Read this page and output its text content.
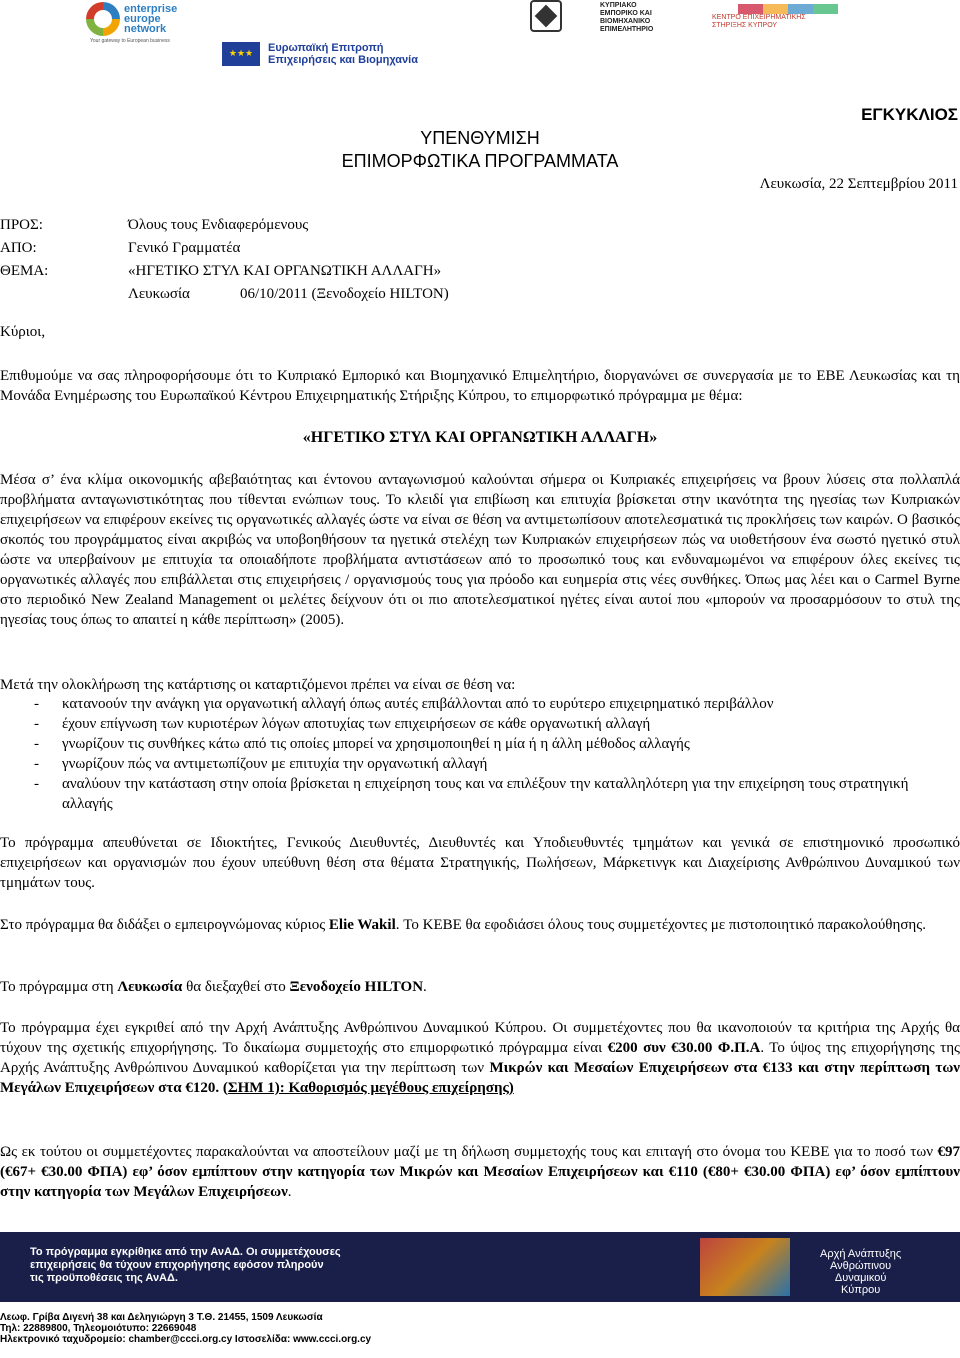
enterprise
europe
network
Your gateway to European business
★★★	Ευρωπαϊκή Επιτροπή
Επιχειρήσεις και Βιομηχανία
ΚΥΠΡΙΑΚΟ
ΕΜΠΟΡΙΚΟ ΚΑΙ
ΒΙΟΜΗΧΑΝΙΚΟ
ΕΠΙΜΕΛΗΤΗΡΙΟ
ΚΕΝΤΡΟ ΕΠΙΧΕΙΡΗΜΑΤΙΚΗΣ
ΣΤΗΡΙΞΗΣ ΚΥΠΡΟΥ
ΕΓΚΥΚΛΙΟΣ
ΥΠΕΝΘΥΜΙΣΗ
ΕΠΙΜΟΡΦΩΤΙΚΑ ΠΡΟΓΡΑΜΜΑΤΑ
Λευκωσία, 22 Σεπτεμβρίου 2011
ΠΡΟΣ:	Όλους τους Ενδιαφερόμενους
ΑΠΟ:	Γενικό Γραμματέα
ΘΕΜΑ:	«ΗΓΕΤΙΚΟ ΣΤΥΛ ΚΑΙ ΟΡΓΑΝΩΤΙΚΗ ΑΛΛΑΓΗ»
Λευκωσία	06/10/2011 (Ξενοδοχείο HILTON)
Κύριοι,

Επιθυμούμε να σας πληροφορήσουμε ότι το Κυπριακό Εμπορικό και Βιομηχανικό Επιμελητήριο, διοργανώνει σε συνεργασία με το ΕΒΕ Λευκωσίας και τη Μονάδα Ενημέρωσης του Ευρωπαϊκού Κέντρου Επιχειρηματικής Στήριξης Κύπρου, το επιμορφωτικό πρόγραμμα με θέμα:

«ΗΓΕΤΙΚΟ ΣΤΥΛ ΚΑΙ ΟΡΓΑΝΩΤΙΚΗ ΑΛΛΑΓΗ»

Μέσα σ’ ένα κλίμα οικονομικής αβεβαιότητας και έντονου ανταγωνισμού καλούνται σήμερα οι Κυπριακές επιχειρήσεις να βρουν λύσεις στα πολλαπλά προβλήματα ανταγωνιστικότητας που τίθενται ενώπιων τους. Το κλειδί για επιβίωση και επιτυχία βρίσκεται στην ικανότητα της ηγεσίας των Κυπριακών επιχειρήσεων να επιφέρουν εκείνες τις οργανωτικές αλλαγές ώστε να είναι σε θέση να αντιμετωπίσουν αποτελεσματικά τις προκλήσεις των καιρών. Ο βασικός σκοπός του προγράμματος είναι ακριβώς να υποβοηθήσουν τα ηγετικά στελέχη των Κυπριακών επιχειρήσεων πώς να υιοθετήσουν ένα σωστό ηγετικό στυλ ώστε να υπερβαίνουν με επιτυχία τα οποιαδήποτε προβλήματα αντιστάσεων από το προσωπικό τους και ενδυναμωμένοι να επιφέρουν όλες εκείνες τις οργανωτικές αλλαγές που επιβάλλεται στις επιχειρήσεις / οργανισμούς τους για πρόοδο και ευημερία στις νέες συνθήκες. Όπως μας λέει και ο Carmel Byrne στο περιοδικό New Zealand Management οι μελέτες δείχνουν ότι οι πιο αποτελεσματικοί ηγέτες είναι αυτοί που «μπορούν να προσαρμόσουν το στυλ της ηγεσίας τους όπως το απαιτεί η κάθε περίπτωση» (2005).

Μετά την ολοκλήρωση της κατάρτισης οι καταρτιζόμενοι πρέπει να είναι σε θέση να:
- κατανοούν την ανάγκη για οργανωτική αλλαγή όπως αυτές επιβάλλονται από το ευρύτερο επιχειρηματικό περιβάλλον
- έχουν επίγνωση των κυριοτέρων λόγων αποτυχίας των επιχειρήσεων σε κάθε οργανωτική αλλαγή
- γνωρίζουν τις συνθήκες κάτω από τις οποίες μπορεί να χρησιμοποιηθεί η μία ή η άλλη μέθοδος αλλαγής
- γνωρίζουν πώς να αντιμετωπίζουν με επιτυχία την οργανωτική αλλαγή
- αναλύουν την κατάσταση στην οποία βρίσκεται η επιχείρηση τους και να επιλέξουν την καταλληλότερη για την επιχείρηση τους στρατηγική αλλαγής

Το πρόγραμμα απευθύνεται σε Ιδιοκτήτες, Γενικούς Διευθυντές, Διευθυντές και Υποδιευθυντές τμημάτων και γενικά σε επιστημονικό προσωπικό επιχειρήσεων και οργανισμών που έχουν υπεύθυνη θέση στα θέματα Στρατηγικής, Πωλήσεων, Μάρκετινγκ και Διαχείρισης Ανθρώπινου Δυναμικού των τμημάτων τους.

Στο πρόγραμμα θα διδάξει ο εμπειρογνώμονας κύριος Elie Wakil. Το ΚΕΒΕ θα εφοδιάσει όλους τους συμμετέχοντες με πιστοποιητικό παρακολούθησης.

Το πρόγραμμα στη Λευκωσία θα διεξαχθεί στο Ξενοδοχείο HILTON.

Το πρόγραμμα έχει εγκριθεί από την Αρχή Ανάπτυξης Ανθρώπινου Δυναμικού Κύπρου. Οι συμμετέχοντες που θα ικανοποιούν τα κριτήρια της Αρχής θα τύχουν της σχετικής επιχορήγησης. Το δικαίωμα συμμετοχής στο επιμορφωτικό πρόγραμμα είναι €200 συν €30.00 Φ.Π.Α. Το ύψος της επιχορήγησης της Αρχής Ανάπτυξης Ανθρώπινου Δυναμικού καθορίζεται για την περίπτωση των Μικρών και Μεσαίων Επιχειρήσεων στα €133 και στην περίπτωση των Μεγάλων Επιχειρήσεων στα €120. (ΣΗΜ 1): Καθορισμός μεγέθους επιχείρησης)

Ως εκ τούτου οι συμμετέχοντες παρακαλούνται να αποστείλουν μαζί με τη δήλωση συμμετοχής τους και επιταγή στο όνομα του ΚΕΒΕ για το ποσό των €97 (€67+ €30.00 ΦΠΑ) εφ’ όσον εμπίπτουν στην κατηγορία των Μικρών και Μεσαίων Επιχειρήσεων και €110 (€80+ €30.00 ΦΠΑ) εφ’ όσον εμπίπτουν στην κατηγορία των Μεγάλων Επιχειρήσεων.

Το πρόγραμμα εγκρίθηκε από την ΑνΑΔ. Οι συμμετέχουσες
επιχειρήσεις θα τύχουν επιχορήγησης εφόσον πληρούν
τις προϋποθέσεις της ΑνΑΔ.
Αρχή Ανάπτυξης
Ανθρώπινου
Δυναμικού
Κύπρου
Λεωφ. Γρίβα Διγενή 38 και Δεληγιώργη 3 Τ.Θ. 21455, 1509 Λευκωσία
Τηλ: 22889800, Τηλεομοιότυπο: 22669048
Ηλεκτρονικό ταχυδρομείο: chamber@ccci.org.cy Ιστοσελίδα: www.ccci.org.cy
